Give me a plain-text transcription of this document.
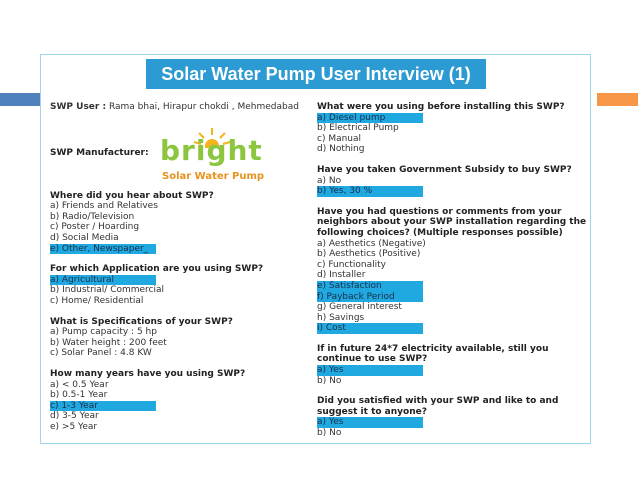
Solar Water Pump User Interview (1)

SWP User : Rama bhai, Hirapur chokdi , Mehmedabad

Where did you hear about SWP?

a) Friends and Relatives

b) Radio/Television

c) Poster / Hoarding

d) Social Media

e) Other, Newspaper_

For which Application are you using SWP?

a) Agricultural

b) Industrial/ Commercial

c) Home/ Residential

What is Specifications of your SWP?

a) Pump capacity : 5 hp

b) Water height : 200 feet

c) Solar Panel : 4.8 KW

How many years have you using SWP?

a) < 0.5 Year

b) 0.5-1 Year

c) 1-3 Year

d) 3-5 Year

e) >5 Year

SWP Manufacturer: bright
Solar Water Pump

What were you using before installing this SWP?

a) Diesel pump

b) Electrical Pump

c) Manual

d) Nothing

Have you taken Government Subsidy to buy SWP?

a) No

b) Yes, 30 %

Have you had questions or comments from your neighbors about your SWP installation regarding the following choices? (Multiple responses possible)

a) Aesthetics (Negative)

b) Aesthetics (Positive)

c) Functionality

d) Installer

e) Satisfaction

f) Payback Period

g) General interest

h) Savings

i) Cost

If in future 24*7 electricity available, still you continue to use SWP?

a) Yes

b) No

Did you satisfied with your SWP and like to and suggest it to anyone?

a) Yes

b) No
